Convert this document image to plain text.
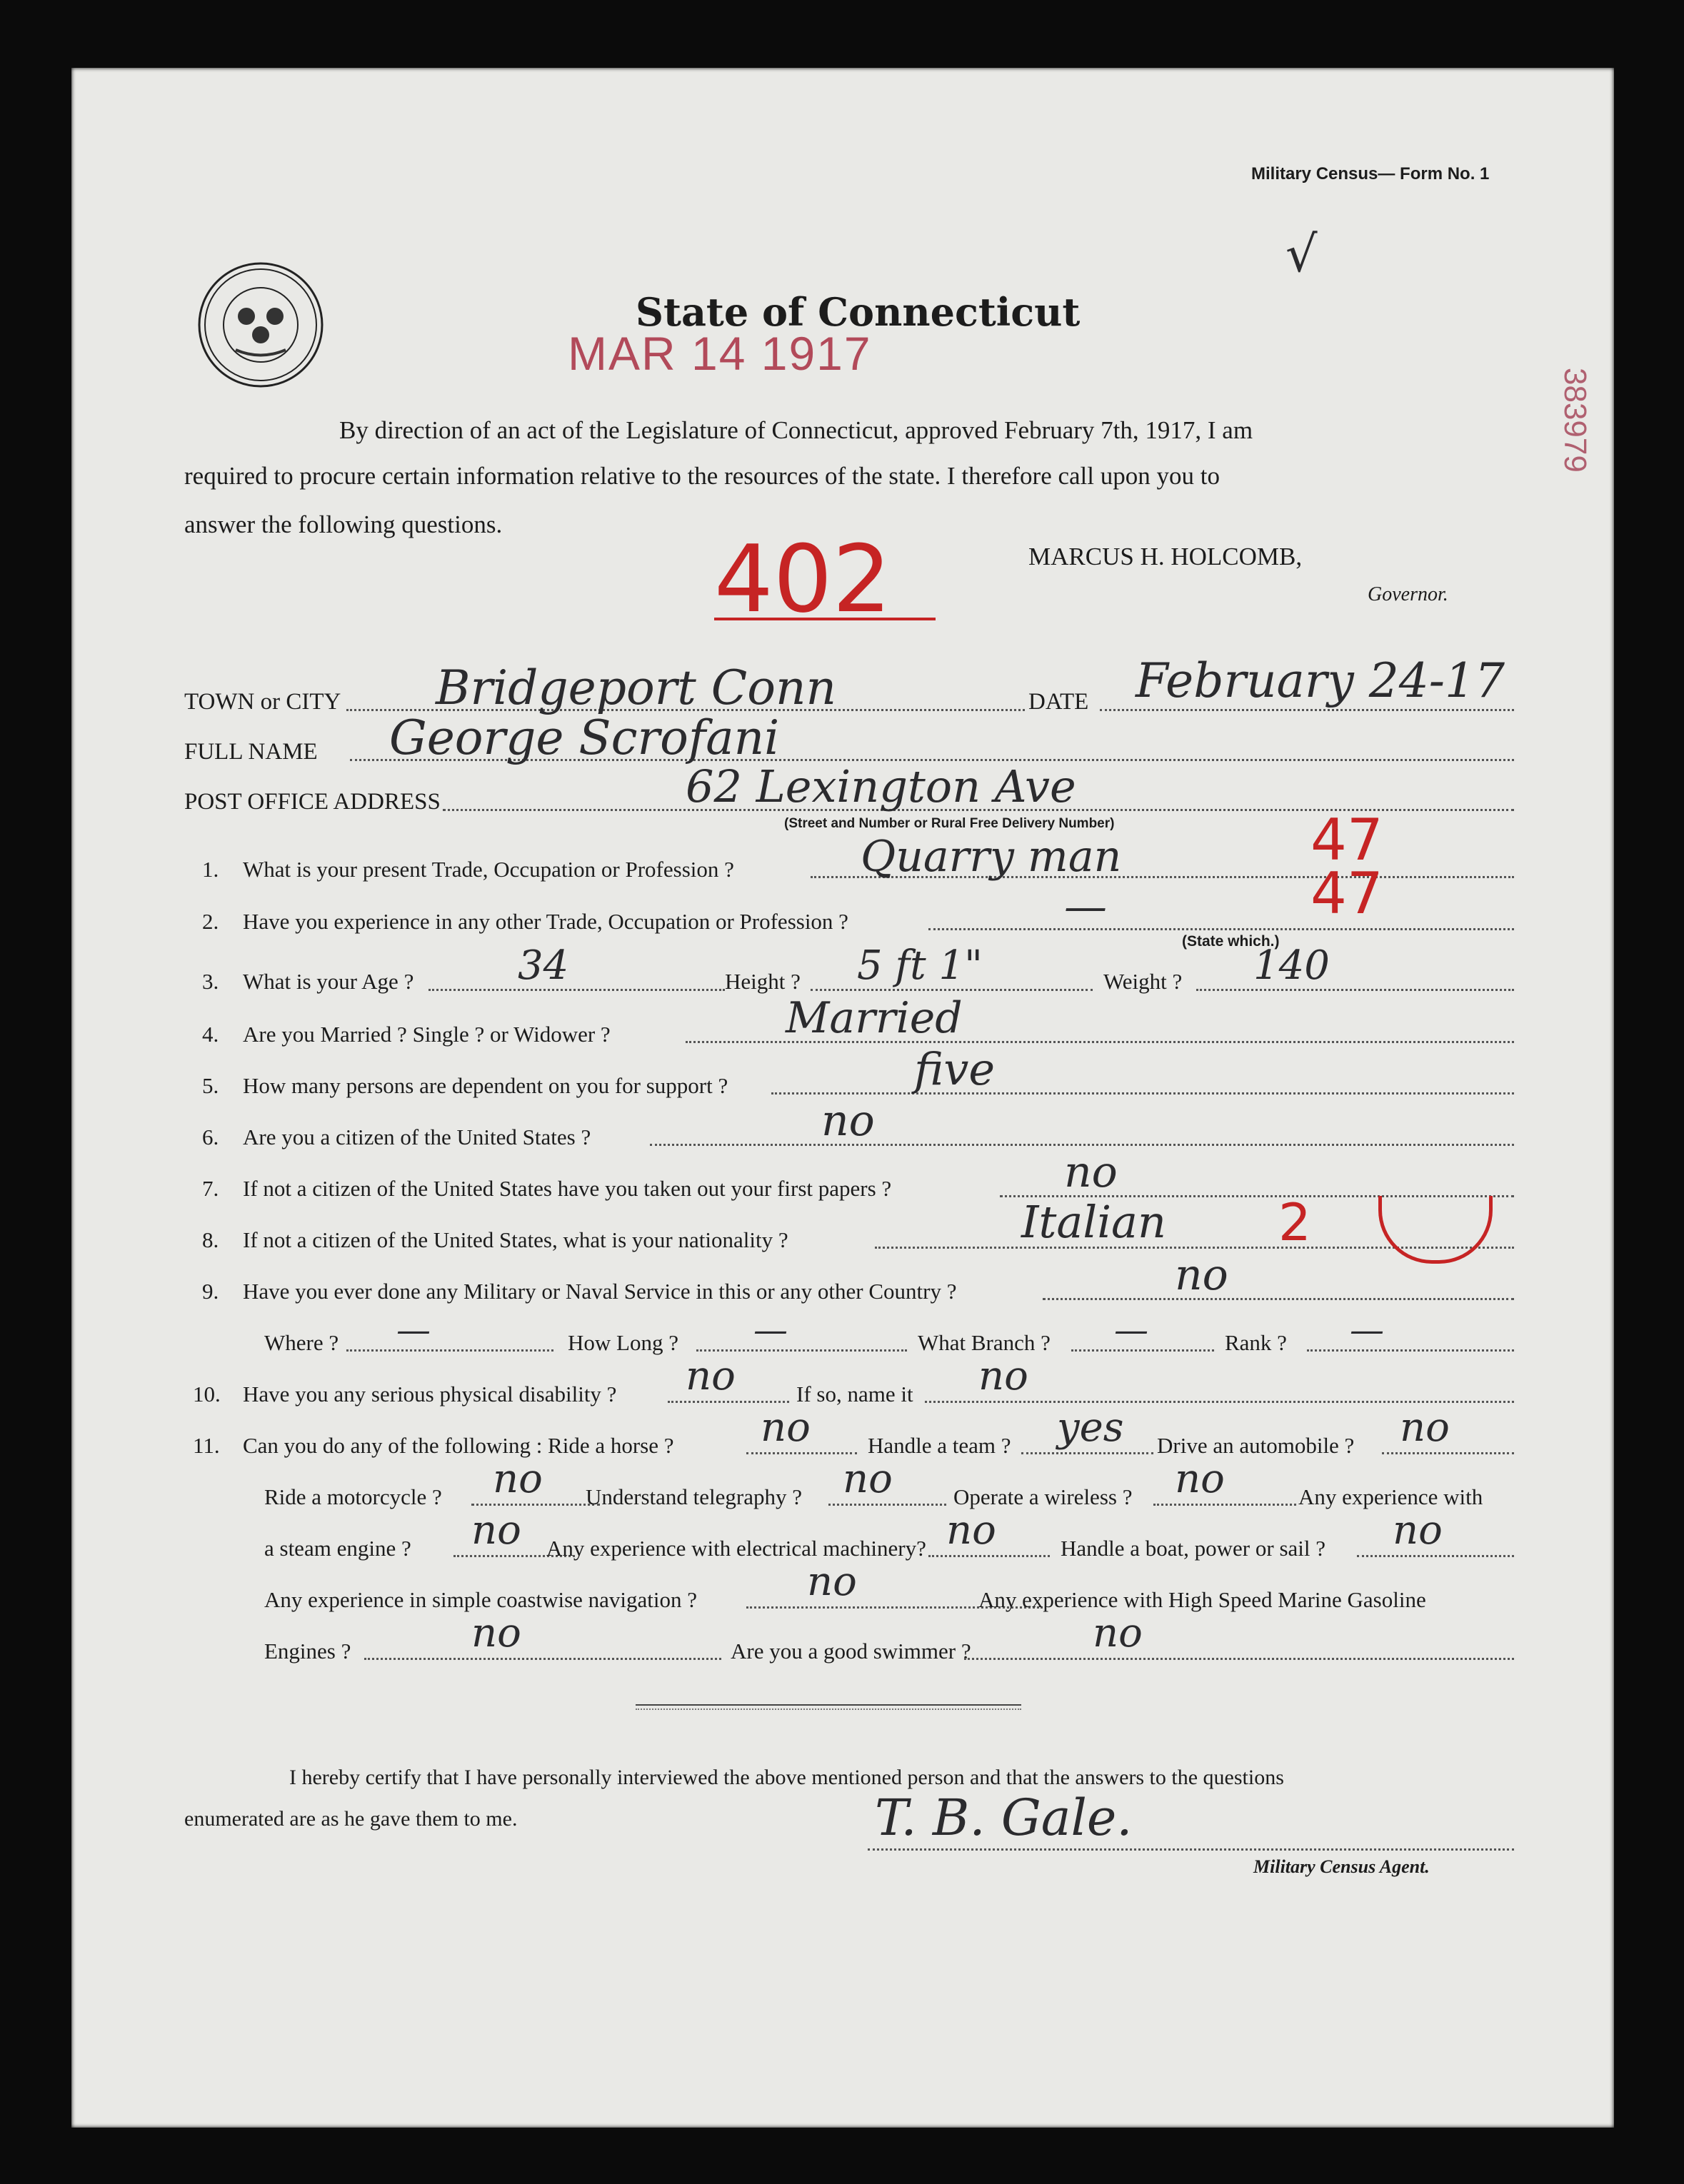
Military Census— Form No. 1
√
383979
State of Connecticut
MAR 14 1917
By direction of an act of the Legislature of Connecticut, approved February 7th, 1917, I am
required to procure certain information relative to the resources of the state. I therefore call upon you to
answer the following questions.
MARCUS H. HOLCOMB,
Governor.
402
TOWN or CITY Bridgeport Conn	DATE February 24-17
FULL NAME George Scrofani
POST OFFICE ADDRESS	62 Lexington Ave
(Street and Number or Rural Free Delivery Number)
1. What is your present Trade, Occupation or Profession ?	Quarry man	47
2. Have you experience in any other Trade, Occupation or Profession ?	—	47
(State which.)
3. What is your Age ?	34	Height ? 5 ft 1"	Weight ? 140
4. Are you Married ? Single ? or Widower ?	Married
5. How many persons are dependent on you for support ?	five
6. Are you a citizen of the United States ?	no
7. If not a citizen of the United States have you taken out your first papers ?	no
8. If not a citizen of the United States, what is your nationality ?	Italian 2
9. Have you ever done any Military or Naval Service in this or any other Country ?	no
Where ? —	How Long ? —	What Branch ? —	Rank ? —
10. Have you any serious physical disability ? no	If so, name it no
11. Can you do any of the following : Ride a horse ? no	Handle a team ? yes Drive an automobile ? no
Ride a motorcycle ? no Understand telegraphy ? no	Operate a wireless ? no	Any experience with
a steam engine ? no Any experience with electrical machinery? no	Handle a boat, power or sail ? no
Any experience in simple coastwise navigation ?	no	Any experience with High Speed Marine Gasoline
Engines ?	no	Are you a good swimmer ?	no
I hereby certify that I have personally interviewed the above mentioned person and that the answers to the questions
enumerated are as he gave them to me.	T. B. Gale.
Military Census Agent.
